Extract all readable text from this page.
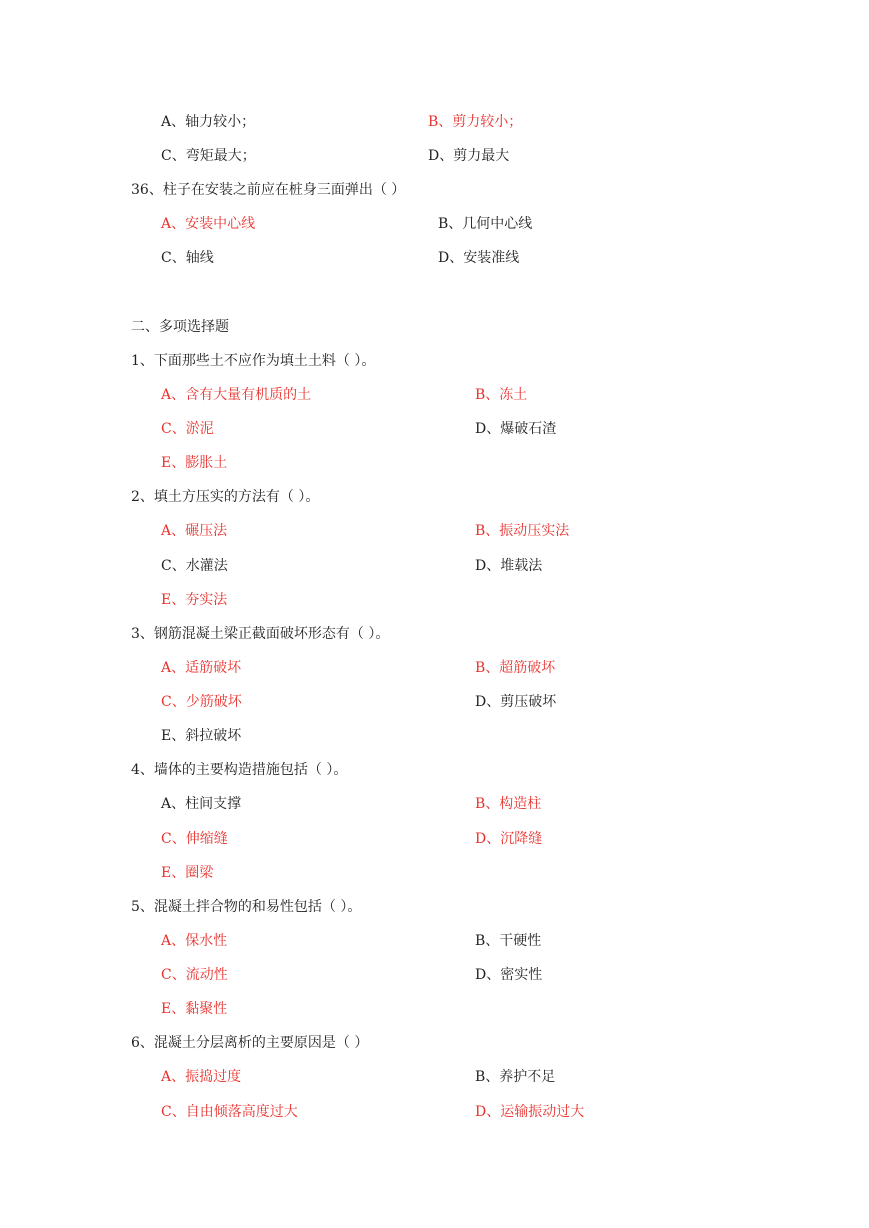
A、轴力较小；	B、剪力较小；
C、弯矩最大；	D、剪力最大
36、柱子在安装之前应在桩身三面弹出（ ）
A、安装中心线	B、几何中心线
C、轴线	D、安装准线
二、多项选择题
1、下面那些土不应作为填土土料（ ）。
A、含有大量有机质的土	B、冻土
C、淤泥	D、爆破石渣
E、膨胀土
2、填土方压实的方法有（ ）。
A、碾压法	B、振动压实法
C、水灌法	D、堆载法
E、夯实法
3、钢筋混凝土梁正截面破坏形态有（ ）。
A、适筋破坏	B、超筋破坏
C、少筋破坏	D、剪压破坏
E、斜拉破坏
4、墙体的主要构造措施包括（ ）。
A、柱间支撑	B、构造柱
C、伸缩缝	D、沉降缝
E、圈梁
5、混凝土拌合物的和易性包括（ ）。
A、保水性	B、干硬性
C、流动性	D、密实性
E、黏聚性
6、混凝土分层离析的主要原因是（ ）
A、振捣过度	B、养护不足
C、自由倾落高度过大	D、运输振动过大
